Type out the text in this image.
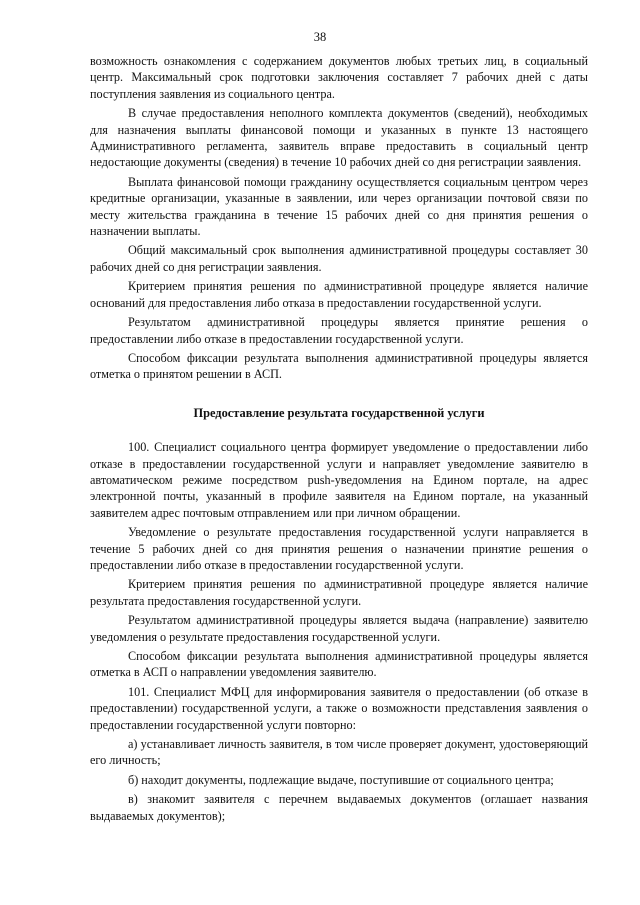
38

возможность ознакомления с содержанием документов любых третьих лиц, в социальный центр. Максимальный срок подготовки заключения составляет 7 рабочих дней с даты поступления заявления из социального центра.

В случае предоставления неполного комплекта документов (сведений), необходимых для назначения выплаты финансовой помощи и указанных в пункте 13 настоящего Административного регламента, заявитель вправе предоставить в социальный центр недостающие документы (сведения) в течение 10 рабочих дней со дня регистрации заявления.

Выплата финансовой помощи гражданину осуществляется социальным центром через кредитные организации, указанные в заявлении, или через организации почтовой связи по месту жительства гражданина в течение 15 рабочих дней со дня принятия решения о назначении выплаты.

Общий максимальный срок выполнения административной процедуры составляет 30 рабочих дней со дня регистрации заявления.

Критерием принятия решения по административной процедуре является наличие оснований для предоставления либо отказа в предоставлении государственной услуги.

Результатом административной процедуры является принятие решения о предоставлении либо отказе в предоставлении государственной услуги.

Способом фиксации результата выполнения административной процедуры является отметка о принятом решении в АСП.

Предоставление результата государственной услуги

100. Специалист социального центра формирует уведомление о предоставлении либо отказе в предоставлении государственной услуги и направляет уведомление заявителю в автоматическом режиме посредством push-уведомления на Едином портале, на адрес электронной почты, указанный в профиле заявителя на Едином портале, на указанный заявителем адрес почтовым отправлением или при личном обращении.

Уведомление о результате предоставления государственной услуги направляется в течение 5 рабочих дней со дня принятия решения о назначении принятие решения о предоставлении либо отказе в предоставлении государственной услуги.

Критерием принятия решения по административной процедуре является наличие результата предоставления государственной услуги.

Результатом административной процедуры является выдача (направление) заявителю уведомления о результате предоставления государственной услуги.

Способом фиксации результата выполнения административной процедуры является отметка в АСП о направлении уведомления заявителю.

101. Специалист МФЦ для информирования заявителя о предоставлении (об отказе в предоставлении) государственной услуги, а также о возможности представления заявления о предоставлении государственной услуги повторно:

а) устанавливает личность заявителя, в том числе проверяет документ, удостоверяющий его личность;

б) находит документы, подлежащие выдаче, поступившие от социального центра;

в) знакомит заявителя с перечнем выдаваемых документов (оглашает названия выдаваемых документов);
